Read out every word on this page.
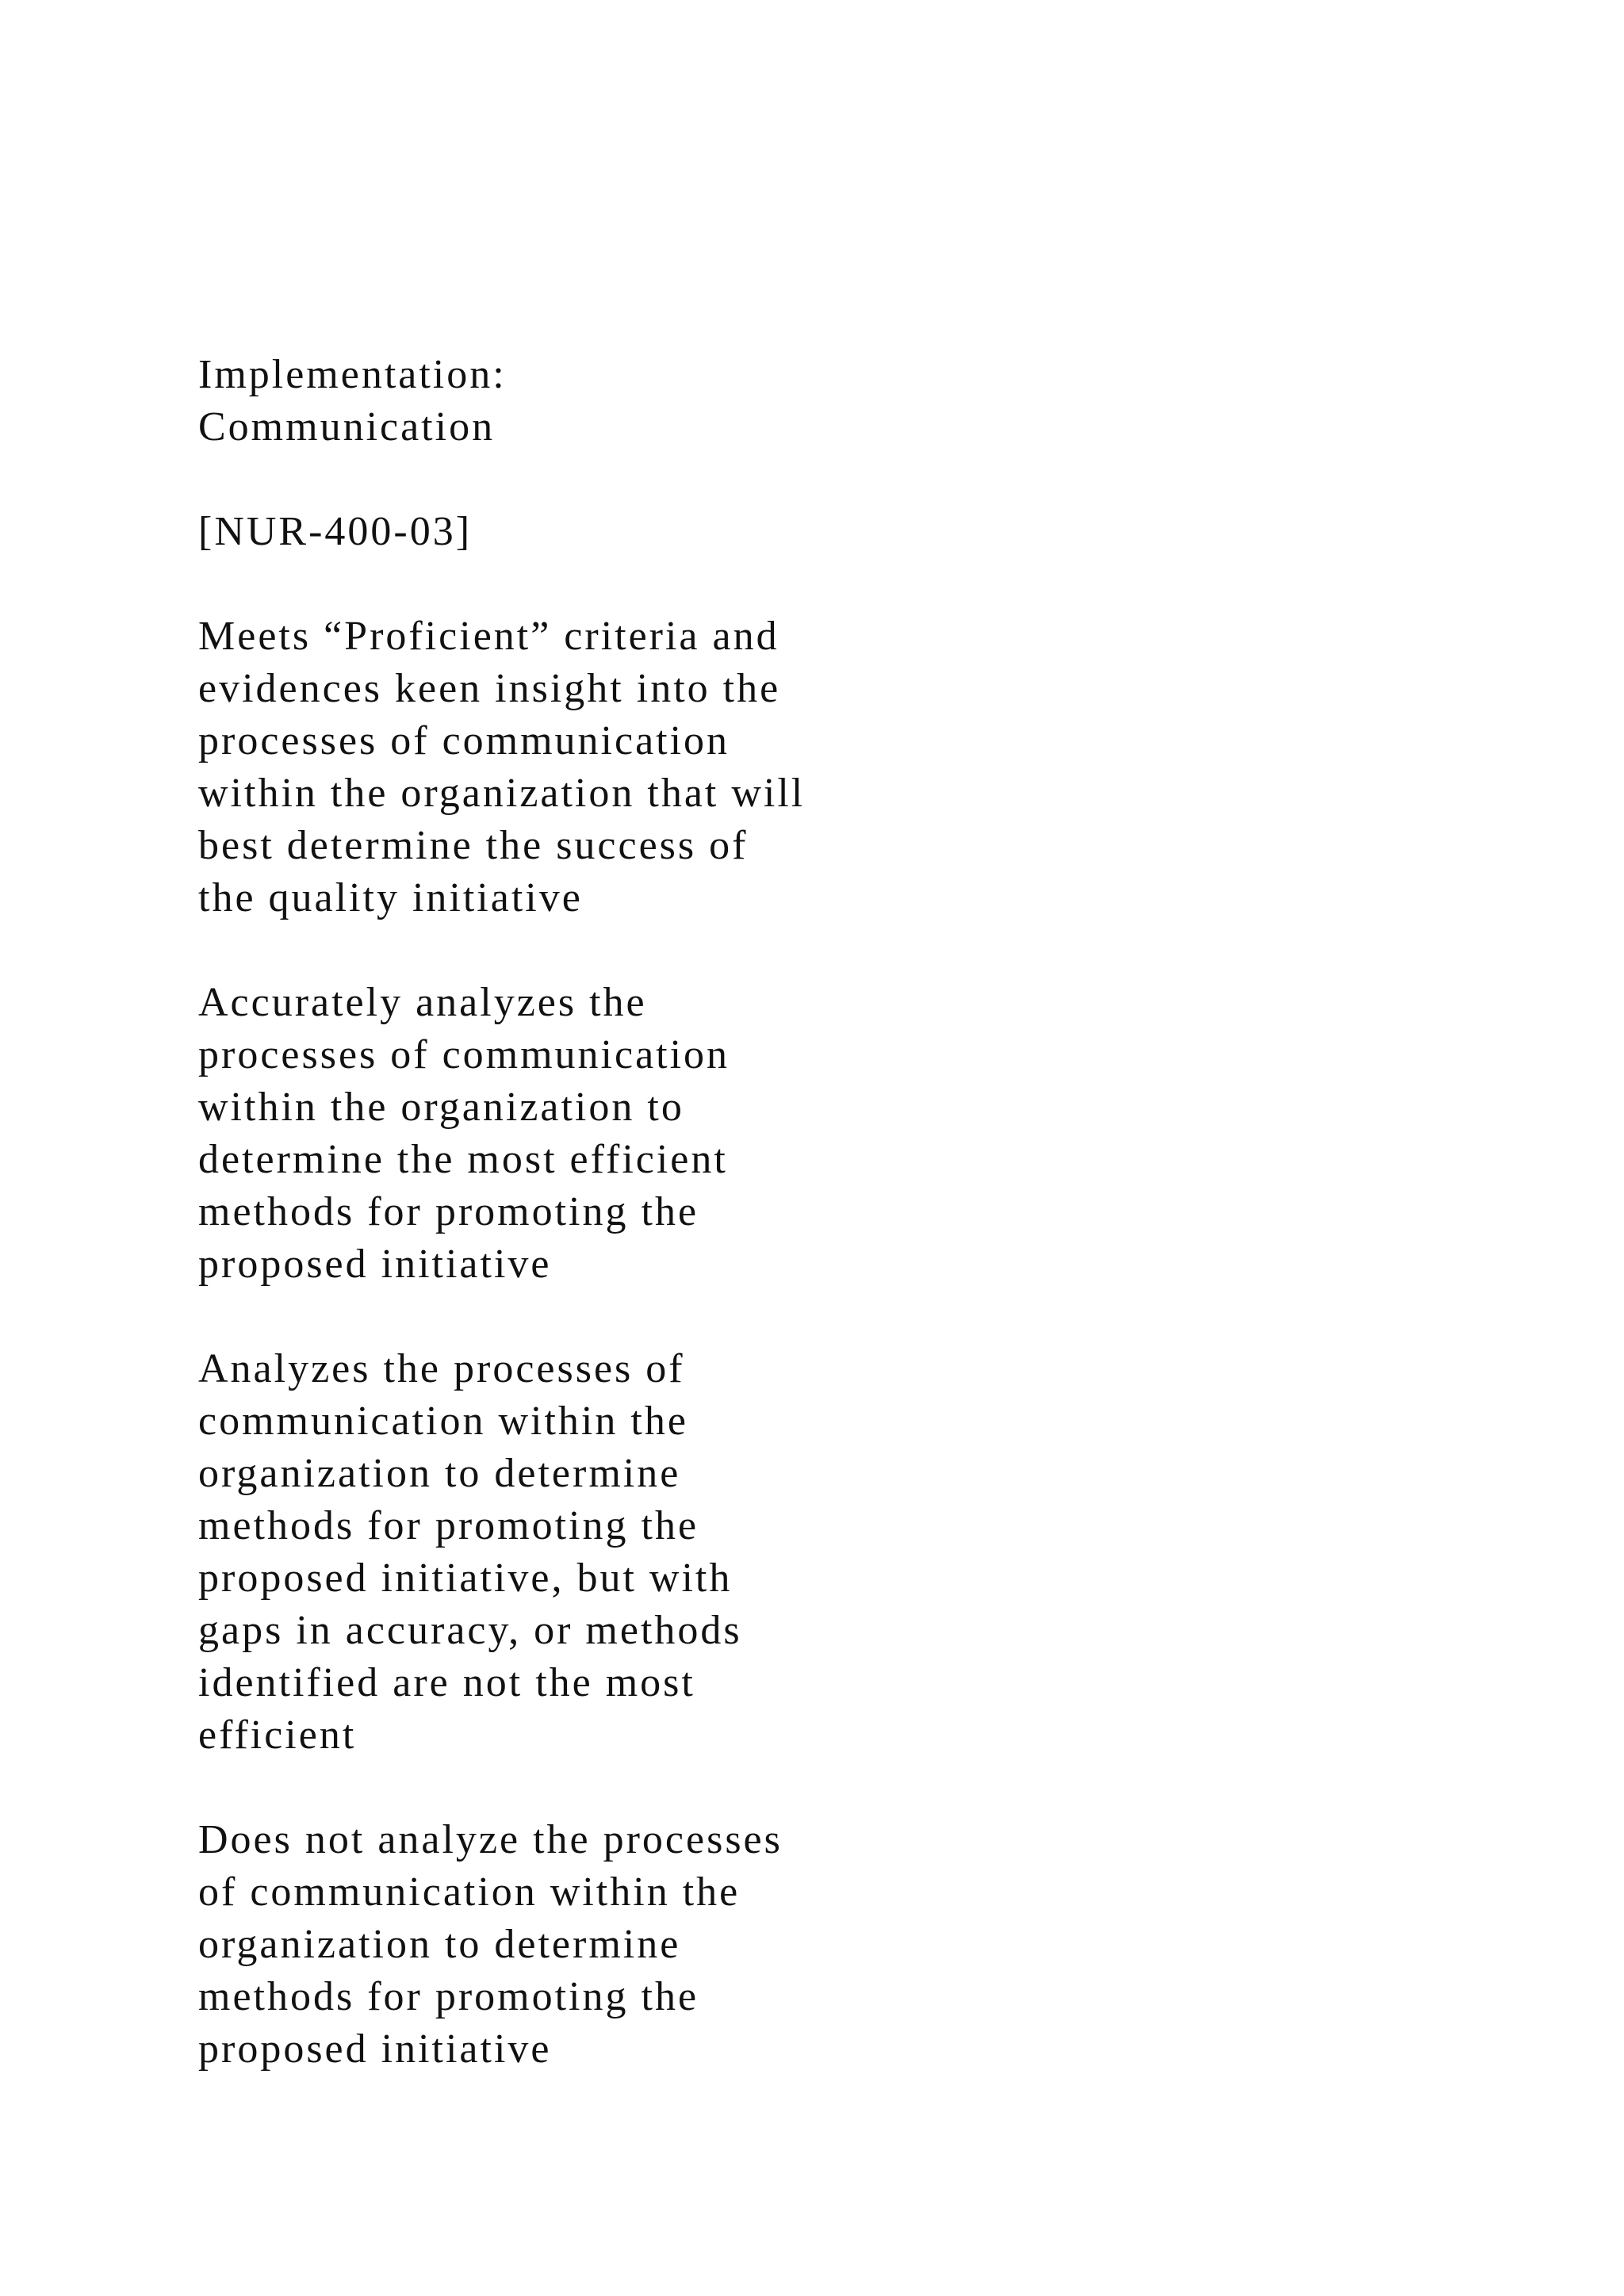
Implementation:
Communication
[NUR-400-03]
Meets “Proficient” criteria and
evidences keen insight into the
processes of communication
within the organization that will
best determine the success of
the quality initiative
Accurately analyzes the
processes of communication
within the organization to
determine the most efficient
methods for promoting the
proposed initiative
Analyzes the processes of
communication within the
organization to determine
methods for promoting the
proposed initiative, but with
gaps in accuracy, or methods
identified are not the most
efficient
Does not analyze the processes
of communication within the
organization to determine
methods for promoting the
proposed initiative
